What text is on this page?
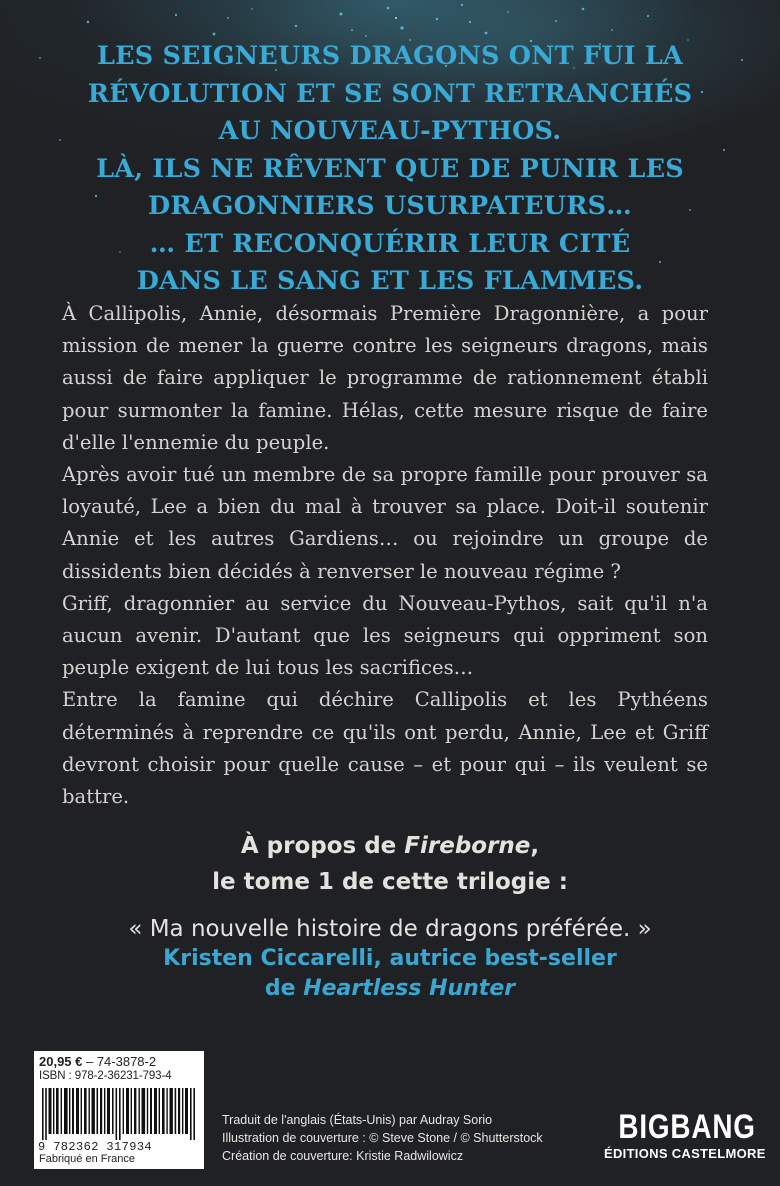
LES SEIGNEURS DRAGONS ONT FUI LA
RÉVOLUTION ET SE SONT RETRANCHÉS
AU NOUVEAU-PYTHOS.
LÀ, ILS NE RÊVENT QUE DE PUNIR LES
DRAGONNIERS USURPATEURS…
… ET RECONQUÉRIR LEUR CITÉ
DANS LE SANG ET LES FLAMMES.

À Callipolis, Annie, désormais Première Dragonnière, a pour mission de mener la guerre contre les seigneurs dragons, mais aussi de faire appliquer le programme de rationnement établi pour surmonter la famine. Hélas, cette mesure risque de faire d'elle l'ennemie du peuple.

Après avoir tué un membre de sa propre famille pour prouver sa loyauté, Lee a bien du mal à trouver sa place. Doit-il soutenir Annie et les autres Gardiens… ou rejoindre un groupe de dissidents bien décidés à renverser le nouveau régime ?

Griff, dragonnier au service du Nouveau-Pythos, sait qu'il n'a aucun avenir. D'autant que les seigneurs qui oppriment son peuple exigent de lui tous les sacrifices…

Entre la famine qui déchire Callipolis et les Pythéens déterminés à reprendre ce qu'ils ont perdu, Annie, Lee et Griff devront choisir pour quelle cause – et pour qui – ils veulent se battre.

À propos de Fireborne,
le tome 1 de cette trilogie :
« Ma nouvelle histoire de dragons préférée. »
Kristen Ciccarelli, autrice best-seller
de Heartless Hunter
20,95 € – 74-3878-2
ISBN : 978-2-36231-793-4
9 782362 317934
Fabriqué en France
Traduit de l'anglais (États-Unis) par Audray Sorio
Illustration de couverture : © Steve Stone / © Shutterstock
Création de couverture: Kristie Radwilowicz
BIGBANG
ÉDITIONS CASTELMORE
